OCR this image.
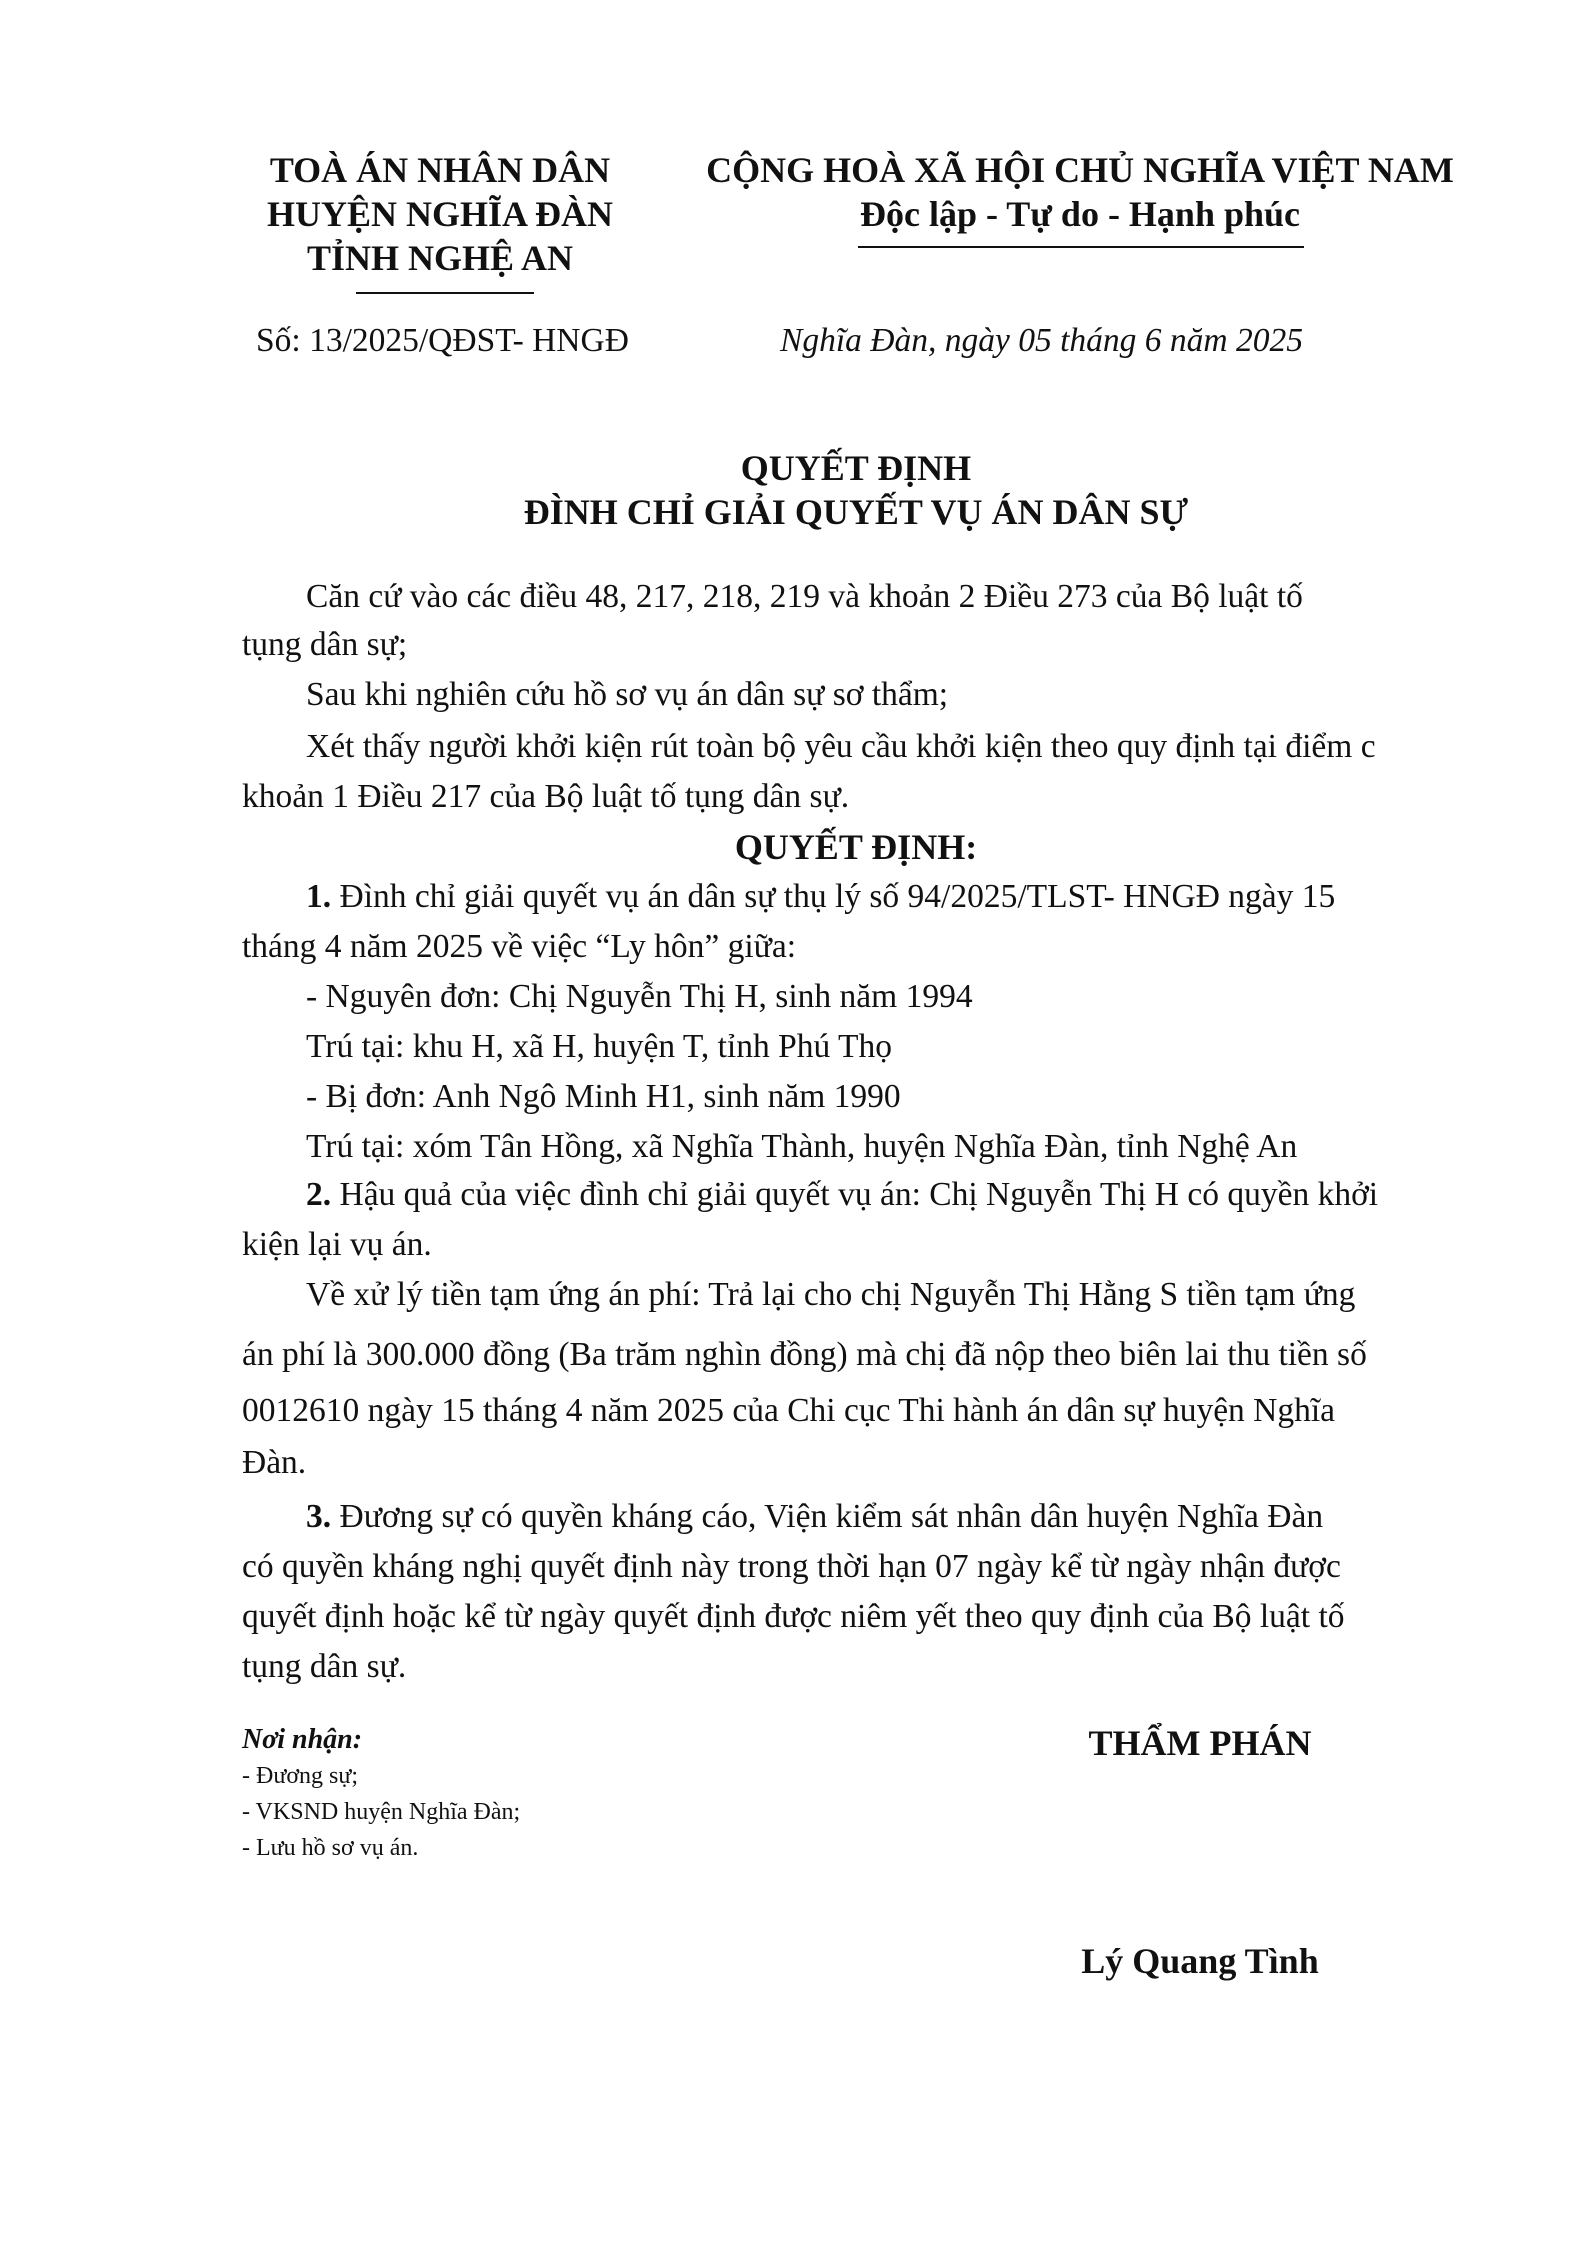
TOÀ ÁN NHÂN DÂN
HUYỆN NGHĨA ĐÀN
TỈNH NGHỆ AN
CỘNG HOÀ XÃ HỘI CHỦ NGHĨA VIỆT NAM
Độc lập - Tự do - Hạnh phúc
Số: 13/2025/QĐST- HNGĐ	Nghĩa Đàn, ngày 05 tháng 6 năm 2025
QUYẾT ĐỊNH
ĐÌNH CHỈ GIẢI QUYẾT VỤ ÁN DÂN SỰ
Căn cứ vào các điều 48, 217, 218, 219 và khoản 2 Điều 273 của Bộ luật tố
tụng dân sự;
Sau khi nghiên cứu hồ sơ vụ án dân sự sơ thẩm;
Xét thấy người khởi kiện rút toàn bộ yêu cầu khởi kiện theo quy định tại điểm c
khoản 1 Điều 217 của Bộ luật tố tụng dân sự.
QUYẾT ĐỊNH:
1. Đình chỉ giải quyết vụ án dân sự thụ lý số 94/2025/TLST- HNGĐ ngày 15
tháng 4 năm 2025 về việc “Ly hôn” giữa:
- Nguyên đơn: Chị Nguyễn Thị H, sinh năm 1994
Trú tại: khu H, xã H, huyện T, tỉnh Phú Thọ
- Bị đơn: Anh Ngô Minh H1, sinh năm 1990
Trú tại: xóm Tân Hồng, xã Nghĩa Thành, huyện Nghĩa Đàn, tỉnh Nghệ An
2. Hậu quả của việc đình chỉ giải quyết vụ án: Chị Nguyễn Thị H có quyền khởi
kiện lại vụ án.
Về xử lý tiền tạm ứng án phí: Trả lại cho chị Nguyễn Thị Hằng S tiền tạm ứng
án phí là 300.000 đồng (Ba trăm nghìn đồng) mà chị đã nộp theo biên lai thu tiền số
0012610 ngày 15 tháng 4 năm 2025 của Chi cục Thi hành án dân sự huyện Nghĩa
Đàn.
3. Đương sự có quyền kháng cáo, Viện kiểm sát nhân dân huyện Nghĩa Đàn
có quyền kháng nghị quyết định này trong thời hạn 07 ngày kể từ ngày nhận được
quyết định hoặc kể từ ngày quyết định được niêm yết theo quy định của Bộ luật tố
tụng dân sự.
Nơi nhận:
- Đương sự;
- VKSND huyện Nghĩa Đàn;
- Lưu hồ sơ vụ án.
THẨM PHÁN
Lý Quang Tình
